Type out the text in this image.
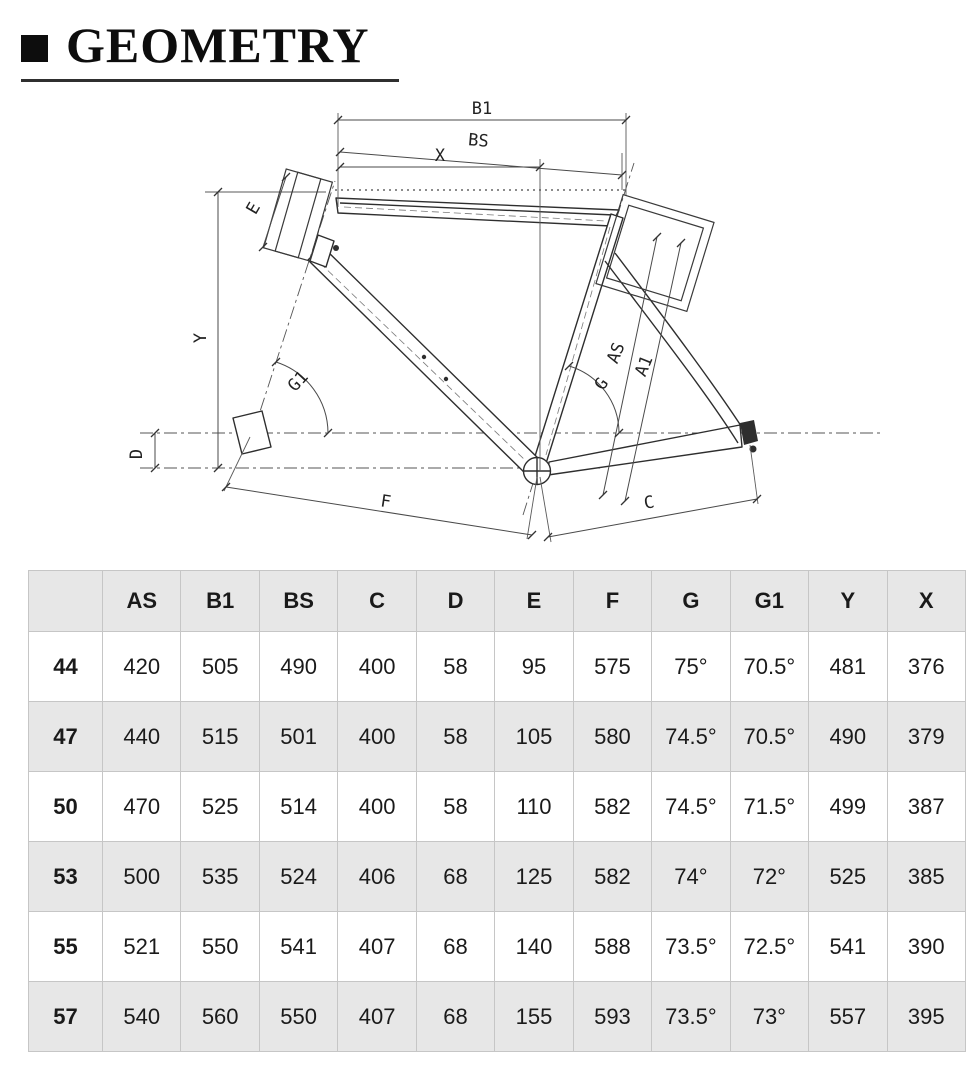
GEOMETRY
B1
BS
X
Y
D
E
G1	G
AS A1
F	C
	AS	B1	BS	C	D	E	F	G	G1	Y	X
44	420	505	490	400	58	95	575	75°	70.5°	481	376
47	440	515	501	400	58	105	580	74.5°	70.5°	490	379
50	470	525	514	400	58	110	582	74.5°	71.5°	499	387
53	500	535	524	406	68	125	582	74°	72°	525	385
55	521	550	541	407	68	140	588	73.5°	72.5°	541	390
57	540	560	550	407	68	155	593	73.5°	73°	557	395
